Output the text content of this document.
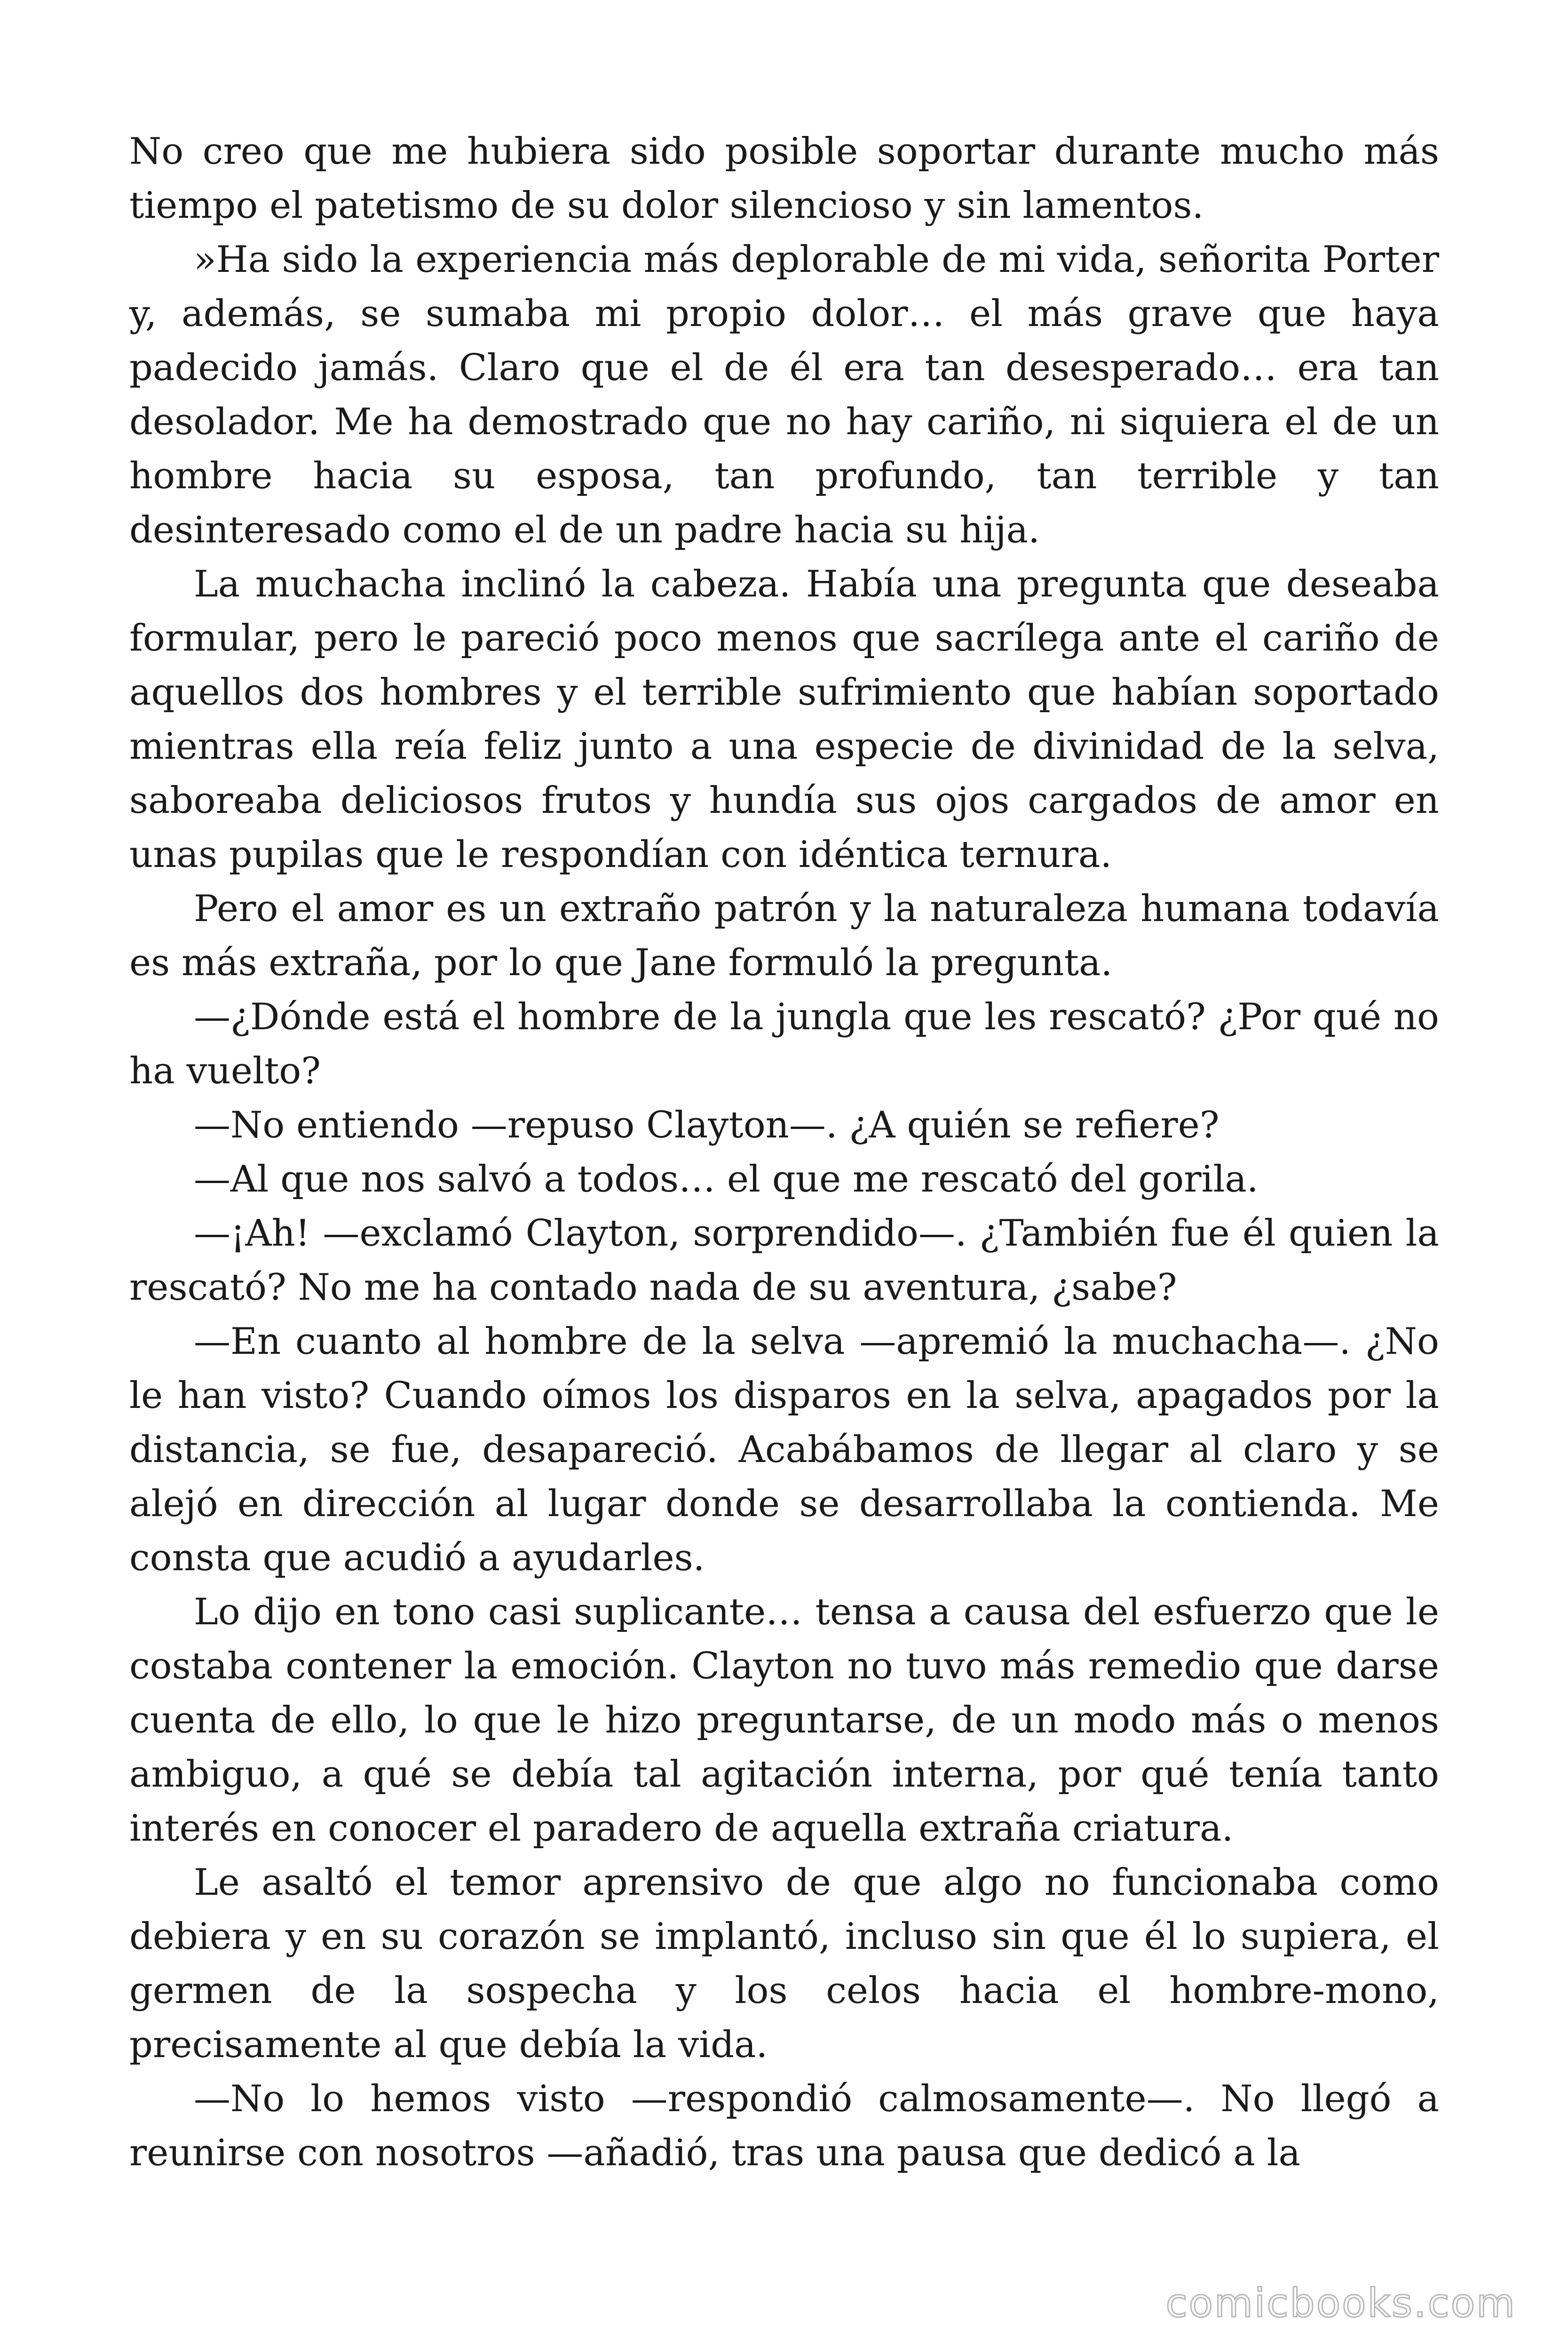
No creo que me hubiera sido posible soportar durante mucho más tiempo el patetismo de su dolor silencioso y sin lamentos.

»Ha sido la experiencia más deplorable de mi vida, señorita Porter y, además, se sumaba mi propio dolor… el más grave que haya padecido jamás. Claro que el de él era tan desesperado… era tan desolador. Me ha demostrado que no hay cariño, ni siquiera el de un hombre hacia su esposa, tan profundo, tan terrible y tan desinteresado como el de un padre hacia su hija.

La muchacha inclinó la cabeza. Había una pregunta que deseaba formular, pero le pareció poco menos que sacrílega ante el cariño de aquellos dos hombres y el terrible sufrimiento que habían soportado mientras ella reía feliz junto a una especie de divinidad de la selva, saboreaba deliciosos frutos y hundía sus ojos cargados de amor en unas pupilas que le respondían con idéntica ternura.

Pero el amor es un extraño patrón y la naturaleza humana todavía es más extraña, por lo que Jane formuló la pregunta.

—¿Dónde está el hombre de la jungla que les rescató? ¿Por qué no ha vuelto?

—No entiendo —repuso Clayton—. ¿A quién se refiere?

—Al que nos salvó a todos… el que me rescató del gorila.

—¡Ah! —exclamó Clayton, sorprendido—. ¿También fue él quien la rescató? No me ha contado nada de su aventura, ¿sabe?

—En cuanto al hombre de la selva —apremió la muchacha—. ¿No le han visto? Cuando oímos los disparos en la selva, apagados por la distancia, se fue, desapareció. Acabábamos de llegar al claro y se alejó en dirección al lugar donde se desarrollaba la contienda. Me consta que acudió a ayudarles.

Lo dijo en tono casi suplicante… tensa a causa del esfuerzo que le costaba contener la emoción. Clayton no tuvo más remedio que darse cuenta de ello, lo que le hizo preguntarse, de un modo más o menos ambiguo, a qué se debía tal agitación interna, por qué tenía tanto interés en conocer el paradero de aquella extraña criatura.

Le asaltó el temor aprensivo de que algo no funcionaba como debiera y en su corazón se implantó, incluso sin que él lo supiera, el germen de la sospecha y los celos hacia el hombre-mono, precisamente al que debía la vida.

—No lo hemos visto —respondió calmosamente—. No llegó a reunirse con nosotros —añadió, tras una pausa que dedicó a la

comicbooks.com
